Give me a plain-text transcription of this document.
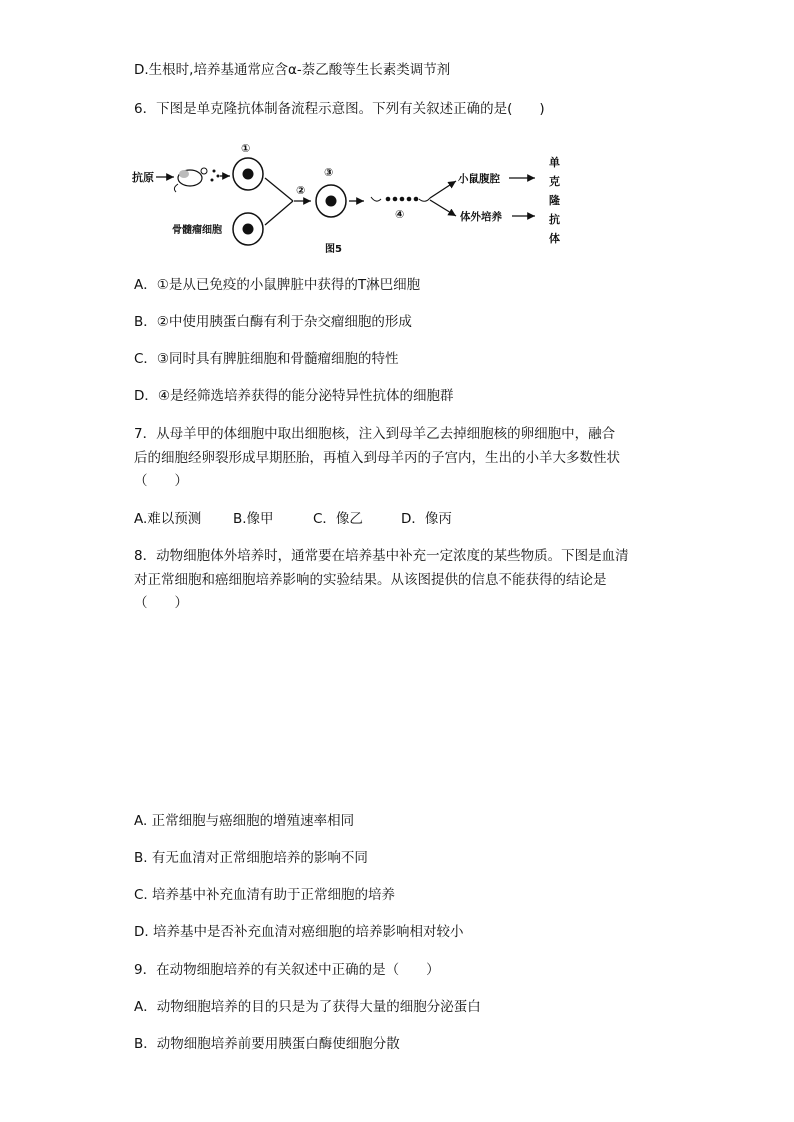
D.生根时,培养基通常应含α-萘乙酸等生长素类调节剂
6．下图是单克隆抗体制备流程示意图。下列有关叙述正确的是(　　)
抗原
①
骨髓瘤细胞
②
③
④
小鼠腹腔
体外培养
单
克
隆
抗
体
图5
A．①是从已免疫的小鼠脾脏中获得的T淋巴细胞
B．②中使用胰蛋白酶有利于杂交瘤细胞的形成
C．③同时具有脾脏细胞和骨髓瘤细胞的特性
D．④是经筛选培养获得的能分泌特异性抗体的细胞群
7．从母羊甲的体细胞中取出细胞核，注入到母羊乙去掉细胞核的卵细胞中，融合
后的细胞经卵裂形成早期胚胎，再植入到母羊丙的子宫内，生出的小羊大多数性状
（　　）
A.难以预测 B.像甲	C．像乙	D．像丙
8．动物细胞体外培养时，通常要在培养基中补充一定浓度的某些物质。下图是血清
对正常细胞和癌细胞培养影响的实验结果。从该图提供的信息不能获得的结论是
（　　）
A. 正常细胞与癌细胞的增殖速率相同
B. 有无血清对正常细胞培养的影响不同
C. 培养基中补充血清有助于正常细胞的培养
D. 培养基中是否补充血清对癌细胞的培养影响相对较小
9．在动物细胞培养的有关叙述中正确的是（　　）
A．动物细胞培养的目的只是为了获得大量的细胞分泌蛋白
B．动物细胞培养前要用胰蛋白酶使细胞分散
